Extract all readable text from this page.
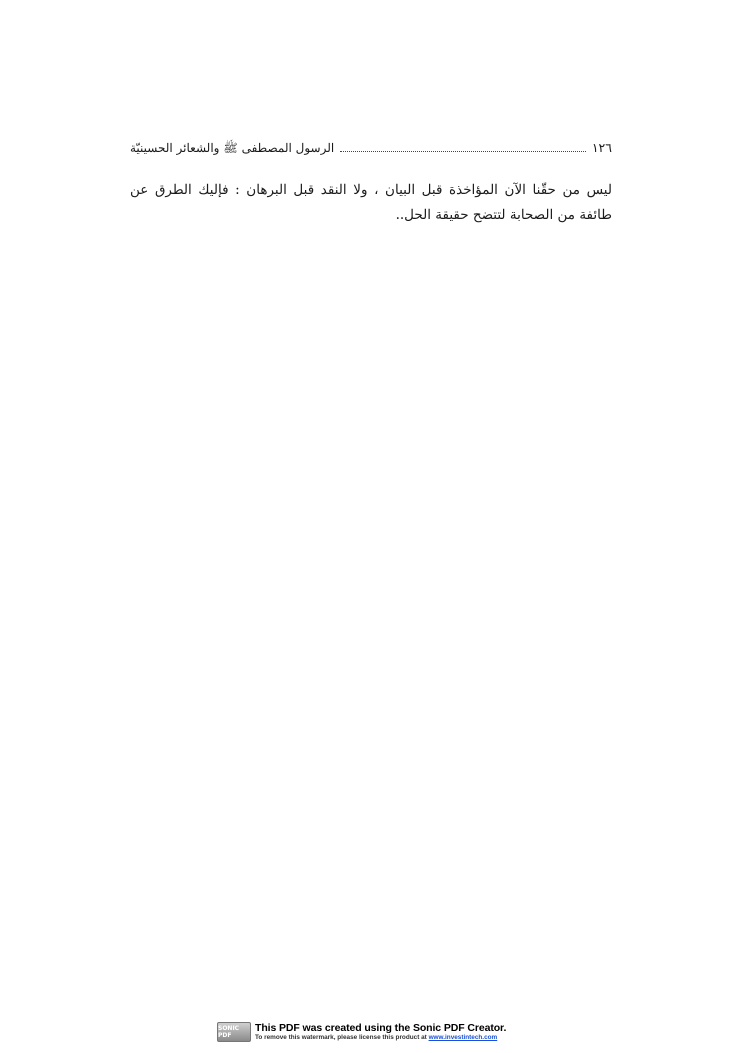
١٢٦
الرسول المصطفى ﷺ والشعائر الحسينيّة
ليس من حقّنا الآن المؤاخذة قبل البيان ، ولا النقد قبل البرهان : فإليك الطرق عن طائفة من الصحابة لتتضح حقيقة الحل..
SONIC PDF
This PDF was created using the Sonic PDF Creator.
To remove this watermark, please license this product at www.investintech.com
